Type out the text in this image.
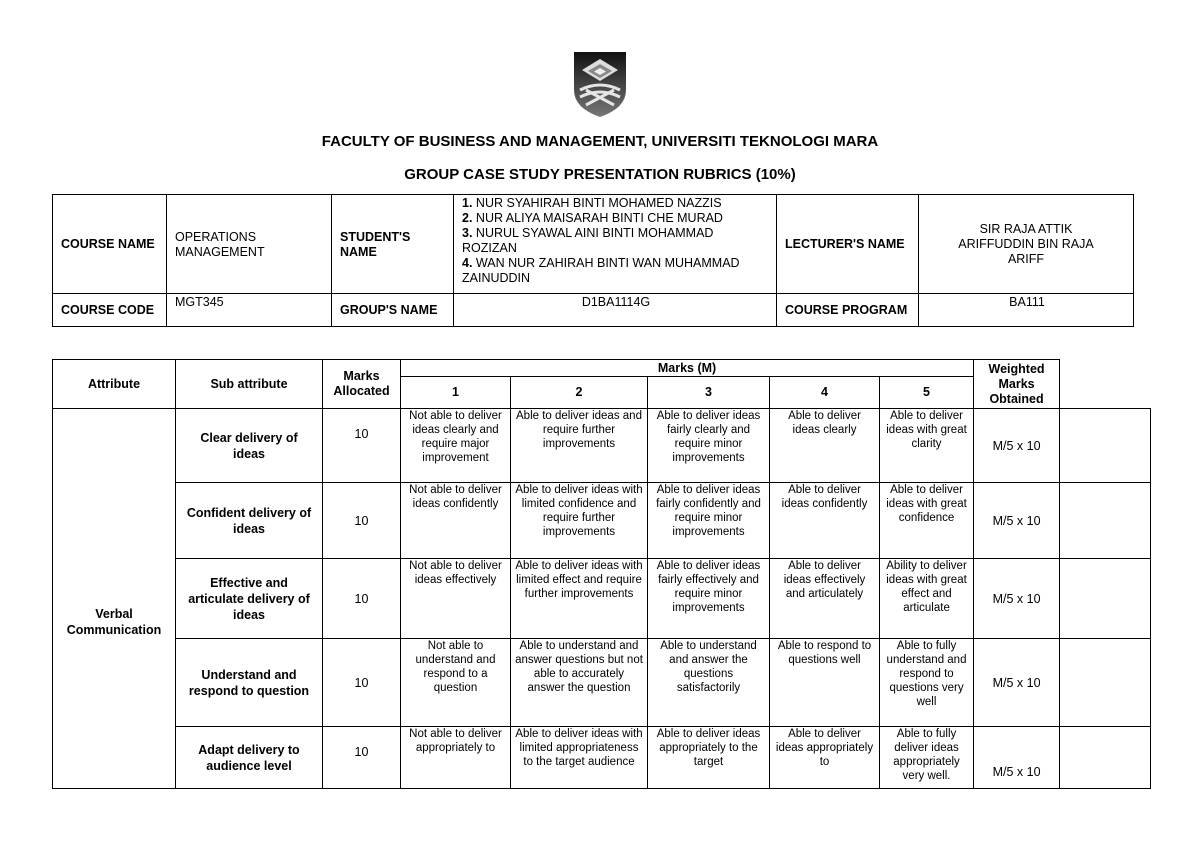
FACULTY OF BUSINESS AND MANAGEMENT, UNIVERSITI TEKNOLOGI MARA
GROUP CASE STUDY PRESENTATION RUBRICS (10%)
COURSE NAME	OPERATIONS MANAGEMENT	STUDENT'S NAME	1. NUR SYAHIRAH BINTI MOHAMED NAZZIS
2. NUR ALIYA MAISARAH BINTI CHE MURAD
3. NURUL SYAWAL AINI BINTI MOHAMMAD ROZIZAN
4. WAN NUR ZAHIRAH BINTI WAN MUHAMMAD ZAINUDDIN	LECTURER'S NAME	SIR RAJA ATTIK ARIFFUDDIN BIN RAJA ARIFF
COURSE CODE	MGT345	GROUP'S NAME	D1BA1114G	COURSE PROGRAM	BA111
Attribute	Sub attribute	Marks Allocated	Marks (M)					Weighted Marks Obtained	
			1	2	3	4	5		
Verbal Communication	Clear delivery of ideas	10	Not able to deliver ideas clearly and require major improvement	Able to deliver ideas and require further improvements	Able to deliver ideas fairly clearly and require minor improvements	Able to deliver ideas clearly	Able to deliver ideas with great clarity	M/5 x 10	
	Confident delivery of ideas	10	Not able to deliver ideas confidently	Able to deliver ideas with limited confidence and require further improvements	Able to deliver ideas fairly confidently and require minor improvements	Able to deliver ideas confidently	Able to deliver ideas with great confidence	M/5 x 10	
	Effective and articulate delivery of ideas	10	Not able to deliver ideas effectively	Able to deliver ideas with limited effect and require further improvements	Able to deliver ideas fairly effectively and require minor improvements	Able to deliver ideas effectively and articulately	Ability to deliver ideas with great effect and articulate	M/5 x 10	
	Understand and respond to question	10	Not able to understand and respond to a question	Able to understand and answer questions but not able to accurately answer the question	Able to understand and answer the questions satisfactorily	Able to respond to questions well	Able to fully understand and respond to questions very well	M/5 x 10	
	Adapt delivery to audience level	10	Not able to deliver appropriately to	Able to deliver ideas with limited appropriateness to the target audience	Able to deliver ideas appropriately to the target	Able to deliver ideas appropriately to	Able to fully deliver ideas appropriately very well.	M/5 x 10	
